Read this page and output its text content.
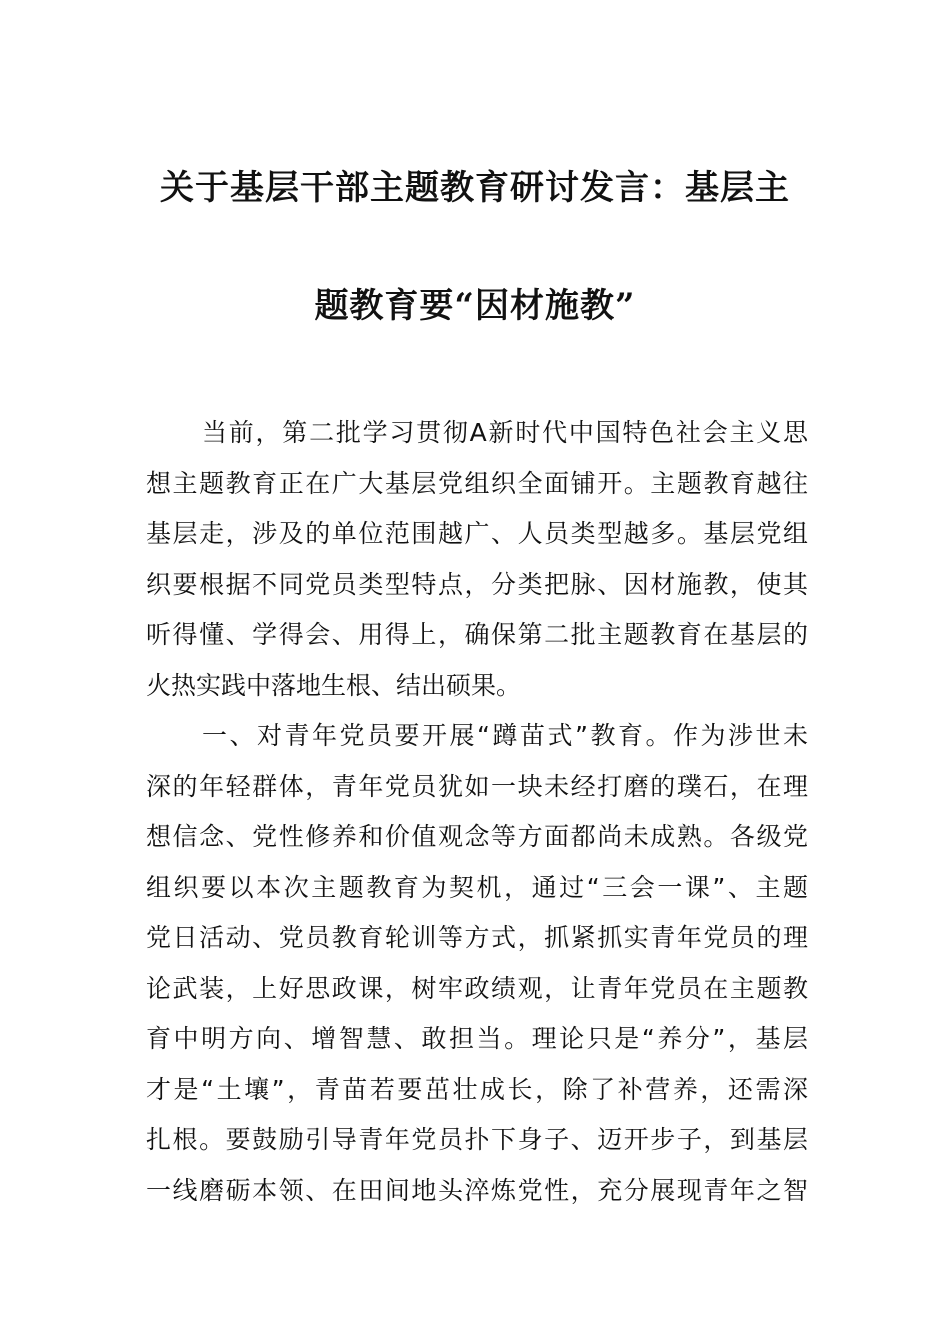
关于基层干部主题教育研讨发言：基层主
题教育要“因材施教”
当前，第二批学习贯彻A新时代中国特色社会主义思
想主题教育正在广大基层党组织全面铺开。主题教育越往
基层走，涉及的单位范围越广、人员类型越多。基层党组
织要根据不同党员类型特点，分类把脉、因材施教，使其
听得懂、学得会、用得上，确保第二批主题教育在基层的
火热实践中落地生根、结出硕果。
一、对青年党员要开展“蹲苗式”教育。作为涉世未
深的年轻群体，青年党员犹如一块未经打磨的璞石，在理
想信念、党性修养和价值观念等方面都尚未成熟。各级党
组织要以本次主题教育为契机，通过“三会一课”、主题
党日活动、党员教育轮训等方式，抓紧抓实青年党员的理
论武装，上好思政课，树牢政绩观，让青年党员在主题教
育中明方向、增智慧、敢担当。理论只是“养分”，基层
才是“土壤”，青苗若要茁壮成长，除了补营养，还需深
扎根。要鼓励引导青年党员扑下身子、迈开步子，到基层
一线磨砺本领、在田间地头淬炼党性，充分展现青年之智
